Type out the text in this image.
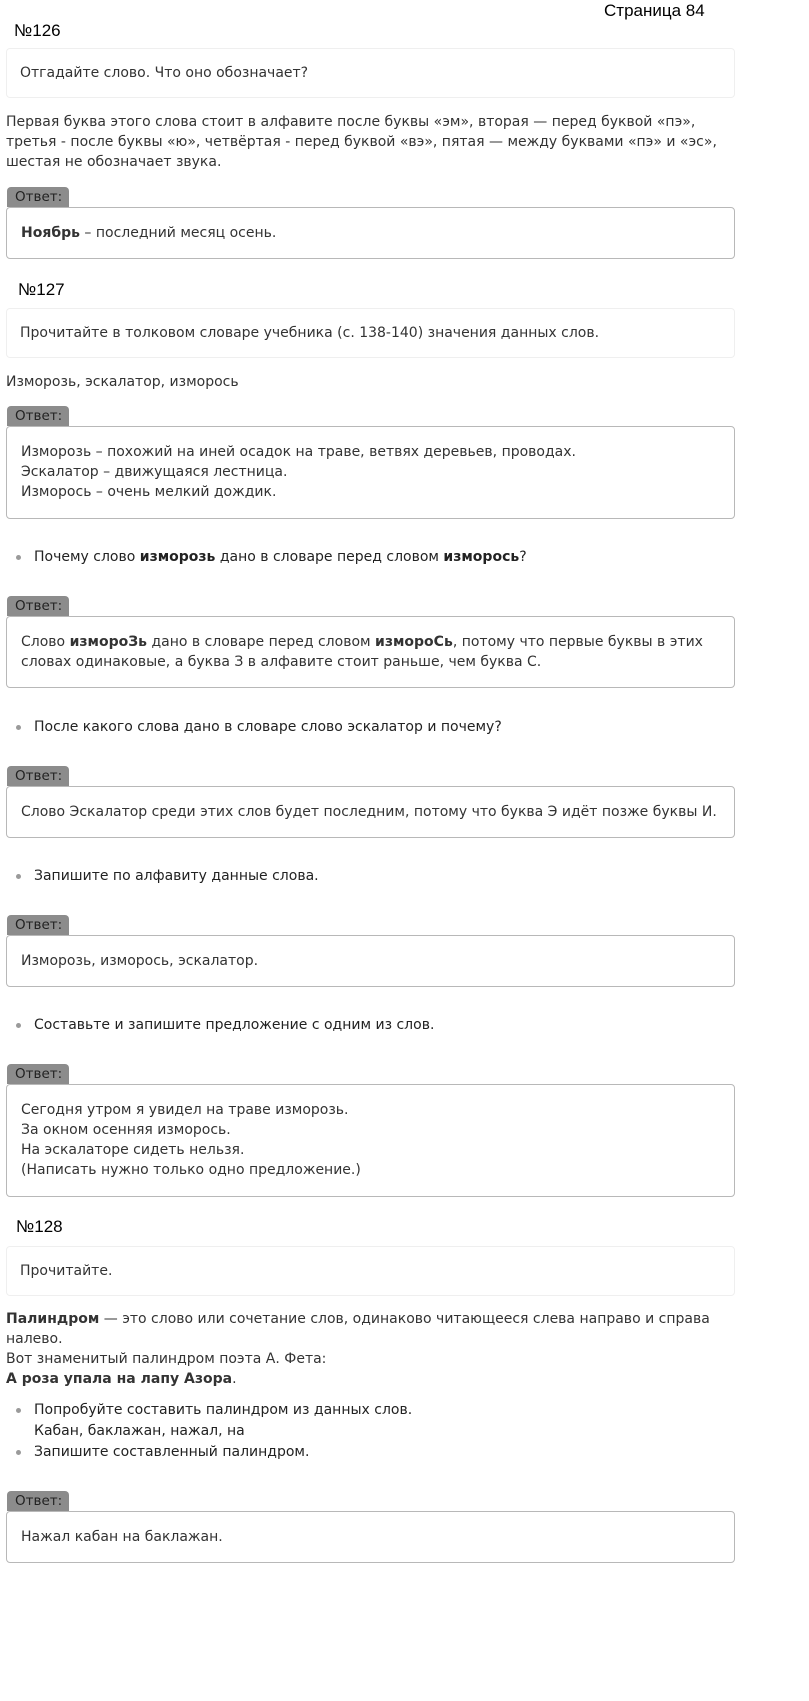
Страница 84
№126
Отгадайте слово. Что оно обозначает?
Первая буква этого слова стоит в алфавите после буквы «эм», вторая — перед буквой «пэ», третья - после буквы «ю», четвёртая - перед буквой «вэ», пятая — между буквами «пэ» и «эс», шестая не обозначает звука.
Ответ:
Ноябрь – последний месяц осень.
№127
Прочитайте в толковом словаре учебника (с. 138-140) значения данных слов.
Изморозь, эскалатор, изморось
Ответ:
Изморозь – похожий на иней осадок на траве, ветвях деревьев, проводах.
Эскалатор – движущаяся лестница.
Изморось – очень мелкий дождик.
Почему слово изморозь дано в словаре перед словом изморось?
Ответ:
Слово измороЗь дано в словаре перед словом измороСь, потому что первые буквы в этих словах одинаковые, а буква З в алфавите стоит раньше, чем буква С.
После какого слова дано в словаре слово эскалатор и почему?
Ответ:
Слово Эскалатор среди этих слов будет последним, потому что буква Э идёт позже буквы И.
Запишите по алфавиту данные слова.
Ответ:
Изморозь, изморось, эскалатор.
Составьте и запишите предложение с одним из слов.
Ответ:
Сегодня утром я увидел на траве изморозь.
За окном осенняя изморось.
На эскалаторе сидеть нельзя.
(Написать нужно только одно предложение.)
№128
Прочитайте.
Палиндром — это слово или сочетание слов, одинаково читающееся слева направо и справа налево.
Вот знаменитый палиндром поэта А. Фета:
А роза упала на лапу Азора.
Попробуйте составить палиндром из данных слов.
Кабан, баклажан, нажал, на
Запишите составленный палиндром.
Ответ:
Нажал кабан на баклажан.
